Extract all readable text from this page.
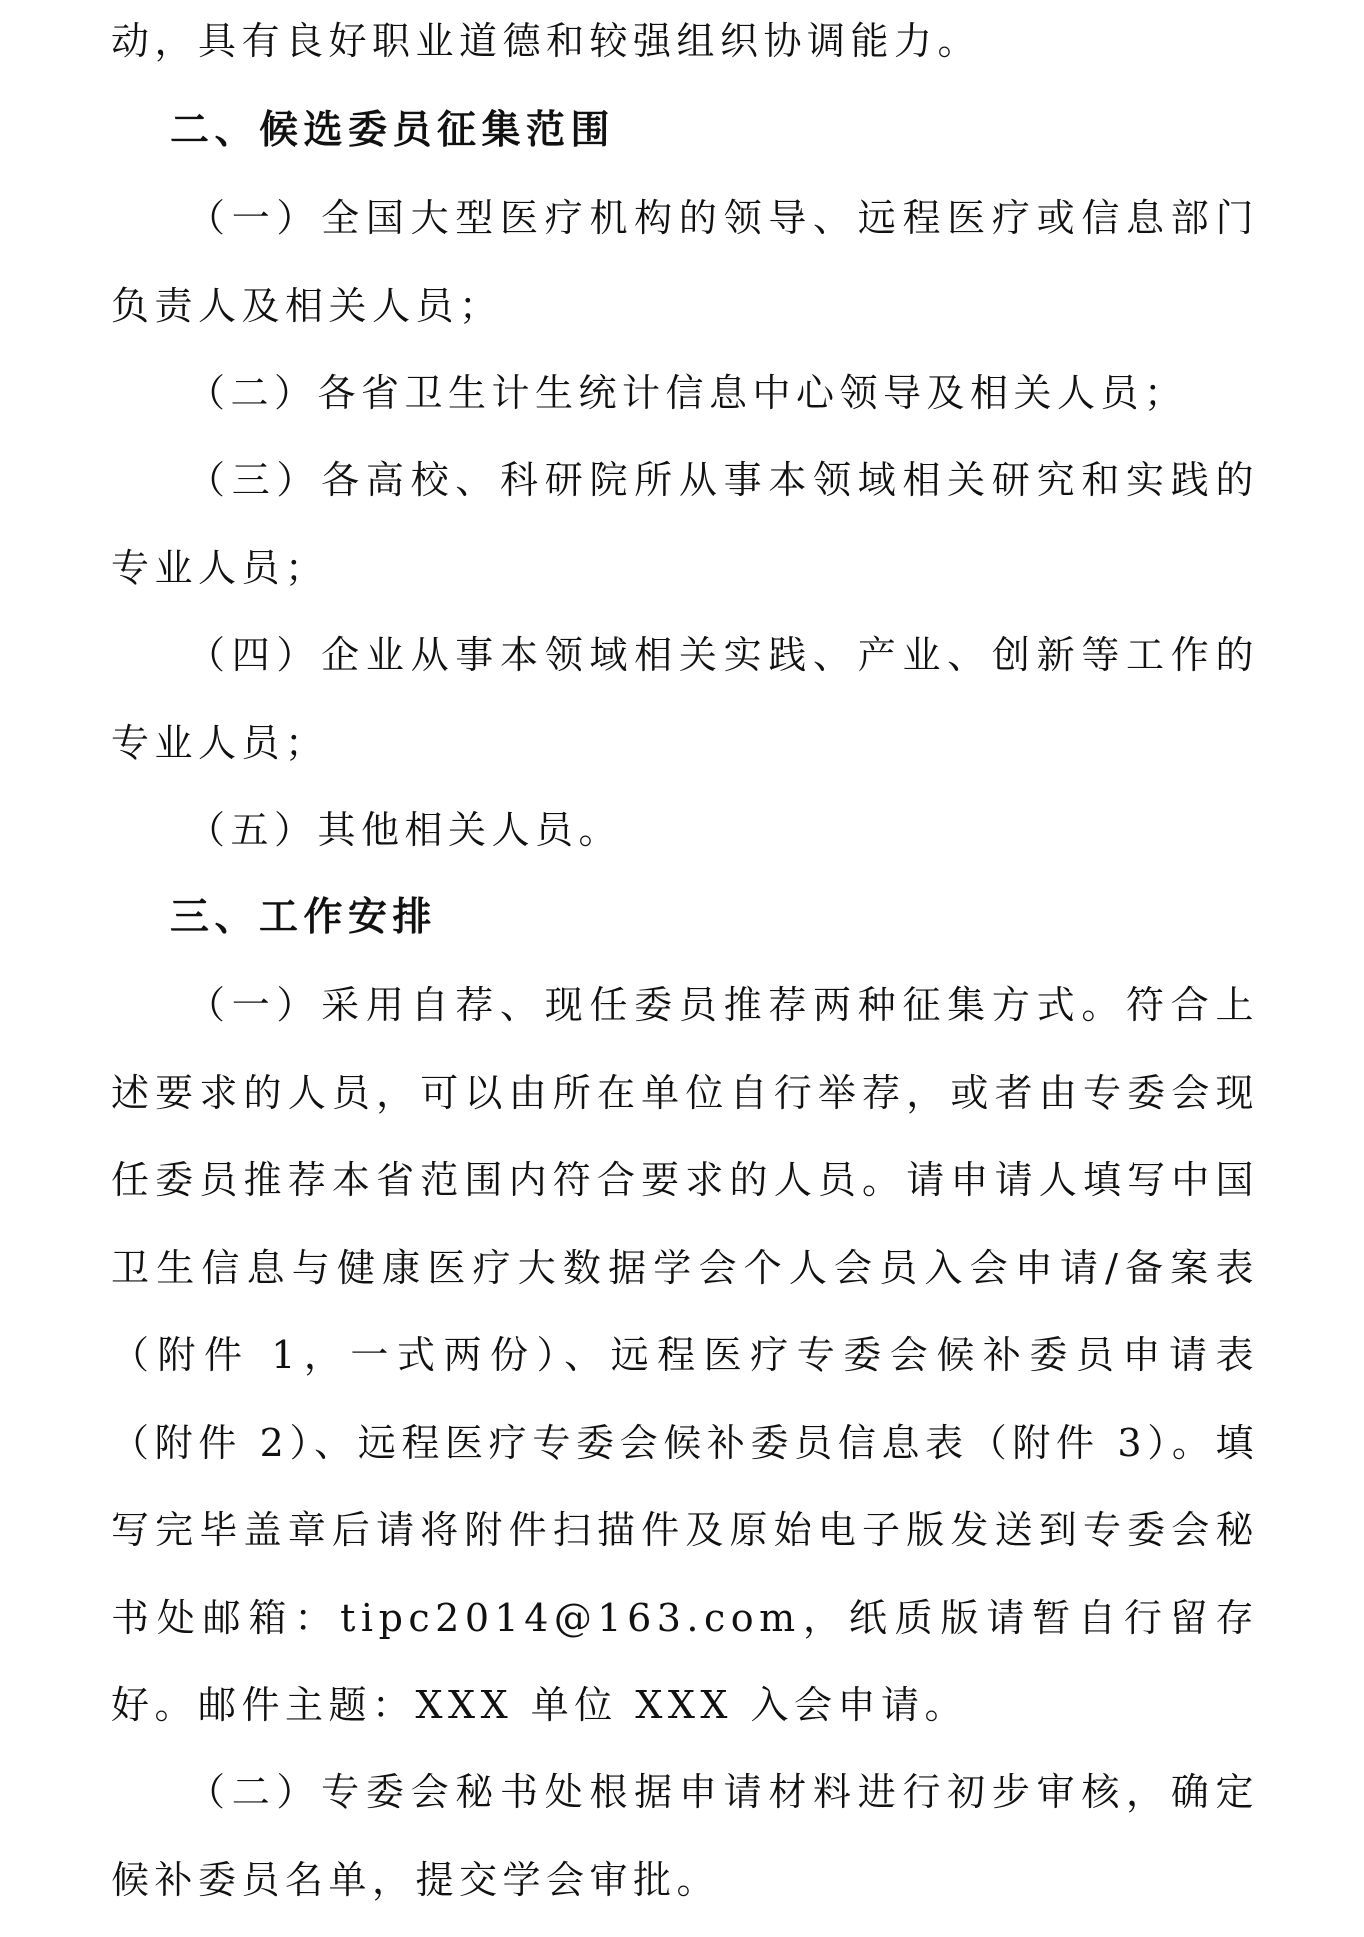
动，具有良好职业道德和较强组织协调能力。

二、候选委员征集范围

（一）全国大型医疗机构的领导、远程医疗或信息部门负责人及相关人员；

（二）各省卫生计生统计信息中心领导及相关人员；

（三）各高校、科研院所从事本领域相关研究和实践的专业人员；

（四）企业从事本领域相关实践、产业、创新等工作的专业人员；

（五）其他相关人员。

三、工作安排

（一）采用自荐、现任委员推荐两种征集方式。符合上述要求的人员，可以由所在单位自行举荐，或者由专委会现任委员推荐本省范围内符合要求的人员。请申请人填写中国卫生信息与健康医疗大数据学会个人会员入会申请/备案表（附件 1，一式两份）、远程医疗专委会候补委员申请表（附件 2）、远程医疗专委会候补委员信息表（附件 3）。填写完毕盖章后请将附件扫描件及原始电子版发送到专委会秘书处邮箱：tipc2014@163.com，纸质版请暂自行留存好。邮件主题：XXX 单位 XXX 入会申请。

（二）专委会秘书处根据申请材料进行初步审核，确定候补委员名单，提交学会审批。
